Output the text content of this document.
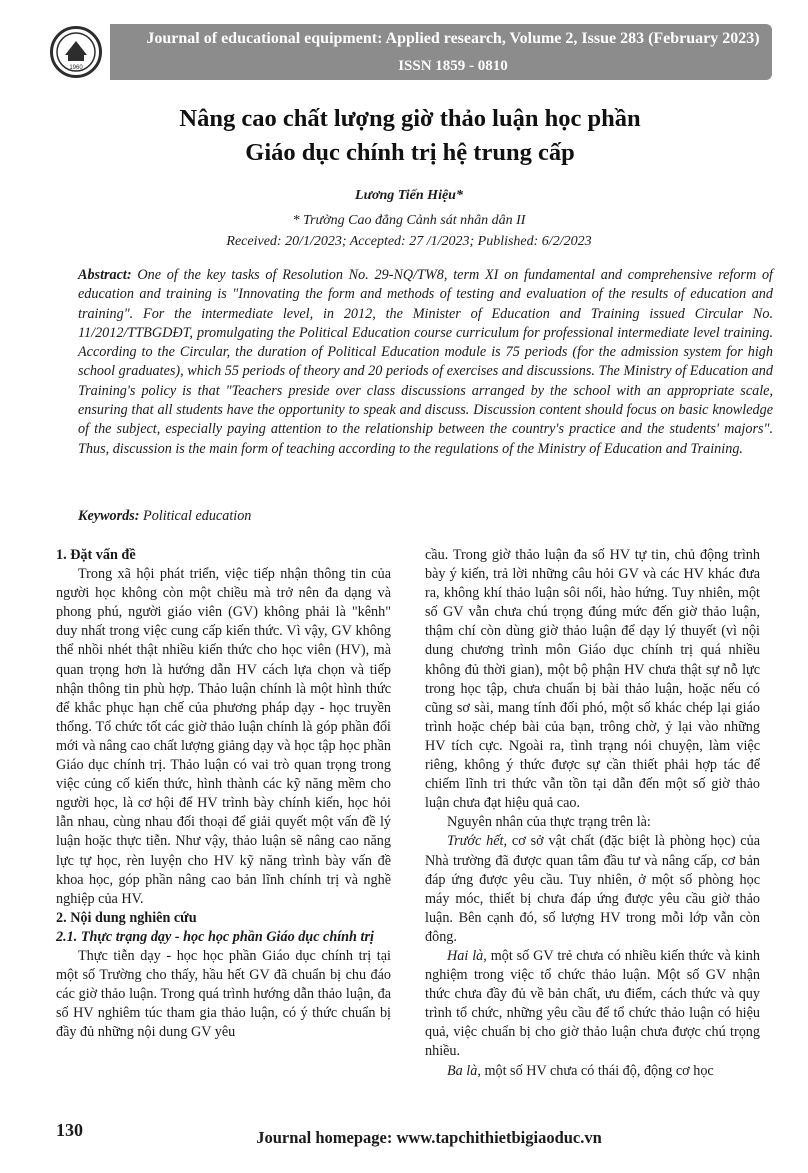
1960
Journal of educational equipment: Applied research, Volume 2, Issue 283 (February 2023)
ISSN 1859 - 0810
Nâng cao chất lượng giờ thảo luận học phần
Giáo dục chính trị hệ trung cấp
Lương Tiến Hiệu*
* Trường Cao đẳng Cảnh sát nhân dân II
Received: 20/1/2023; Accepted: 27 /1/2023; Published: 6/2/2023
Abstract: One of the key tasks of Resolution No. 29-NQ/TW8, term XI on fundamental and comprehensive reform of education and training is "Innovating the form and methods of testing and evaluation of the results of education and training". For the intermediate level, in 2012, the Minister of Education and Training issued Circular No. 11/2012/TTBGDĐT, promulgating the Political Education course curriculum for professional intermediate level training. According to the Circular, the duration of Political Education module is 75 periods (for the admission system for high school graduates), which 55 periods of theory and 20 periods of exercises and discussions. The Ministry of Education and Training's policy is that "Teachers preside over class discussions arranged by the school with an appropriate scale, ensuring that all students have the opportunity to speak and discuss. Discussion content should focus on basic knowledge of the subject, especially paying attention to the relationship between the country's practice and the students' majors". Thus, discussion is the main form of teaching according to the regulations of the Ministry of Education and Training.
Keywords: Political education

1. Đặt vấn đề

Trong xã hội phát triển, việc tiếp nhận thông tin của người học không còn một chiều mà trở nên đa dạng và phong phú, người giáo viên (GV) không phải là "kênh" duy nhất trong việc cung cấp kiến thức. Vì vậy, GV không thể nhồi nhét thật nhiều kiến thức cho học viên (HV), mà quan trọng hơn là hướng dẫn HV cách lựa chọn và tiếp nhận thông tin phù hợp. Thảo luận chính là một hình thức để khắc phục hạn chế của phương pháp dạy - học truyền thống. Tổ chức tốt các giờ thảo luận chính là góp phần đổi mới và nâng cao chất lượng giảng dạy và học tập học phần Giáo dục chính trị. Thảo luận có vai trò quan trọng trong việc củng cố kiến thức, hình thành các kỹ năng mềm cho người học, là cơ hội để HV trình bày chính kiến, học hỏi lẫn nhau, cùng nhau đối thoại để giải quyết một vấn đề lý luận hoặc thực tiễn. Như vậy, thảo luận sẽ nâng cao năng lực tự học, rèn luyện cho HV kỹ năng trình bày vấn đề khoa học, góp phần nâng cao bản lĩnh chính trị và nghề nghiệp của HV.

2. Nội dung nghiên cứu

2.1. Thực trạng dạy - học học phần Giáo dục chính trị

Thực tiễn dạy - học học phần Giáo dục chính trị tại một số Trường cho thấy, hầu hết GV đã chuẩn bị chu đáo các giờ thảo luận. Trong quá trình hướng dẫn thảo luận, đa số HV nghiêm túc tham gia thảo luận, có ý thức chuẩn bị đầy đủ những nội dung GV yêu

cầu. Trong giờ thảo luận đa số HV tự tin, chủ động trình bày ý kiến, trả lời những câu hỏi GV và các HV khác đưa ra, không khí thảo luận sôi nổi, hào hứng. Tuy nhiên, một số GV vẫn chưa chú trọng đúng mức đến giờ thảo luận, thậm chí còn dùng giờ thảo luận để dạy lý thuyết (vì nội dung chương trình môn Giáo dục chính trị quá nhiều không đủ thời gian), một bộ phận HV chưa thật sự nỗ lực trong học tập, chưa chuẩn bị bài thảo luận, hoặc nếu có cũng sơ sài, mang tính đối phó, một số khác chép lại giáo trình hoặc chép bài của bạn, trông chờ, ỷ lại vào những HV tích cực. Ngoài ra, tình trạng nói chuyện, làm việc riêng, không ý thức được sự cần thiết phải hợp tác để chiếm lĩnh tri thức vẫn tồn tại dẫn đến một số giờ thảo luận chưa đạt hiệu quả cao.

Nguyên nhân của thực trạng trên là:

Trước hết, cơ sở vật chất (đặc biệt là phòng học) của Nhà trường đã được quan tâm đầu tư và nâng cấp, cơ bản đáp ứng được yêu cầu. Tuy nhiên, ở một số phòng học máy móc, thiết bị chưa đáp ứng được yêu cầu giờ thảo luận. Bên cạnh đó, số lượng HV trong mỗi lớp vẫn còn đông.

Hai là, một số GV trẻ chưa có nhiều kiến thức và kinh nghiệm trong việc tổ chức thảo luận. Một số GV nhận thức chưa đầy đủ về bản chất, ưu điểm, cách thức và quy trình tổ chức, những yêu cầu để tổ chức thảo luận có hiệu quả, việc chuẩn bị cho giờ thảo luận chưa được chú trọng nhiều.

Ba là, một số HV chưa có thái độ, động cơ học

130	Journal homepage: www.tapchithietbigiaoduc.vn
